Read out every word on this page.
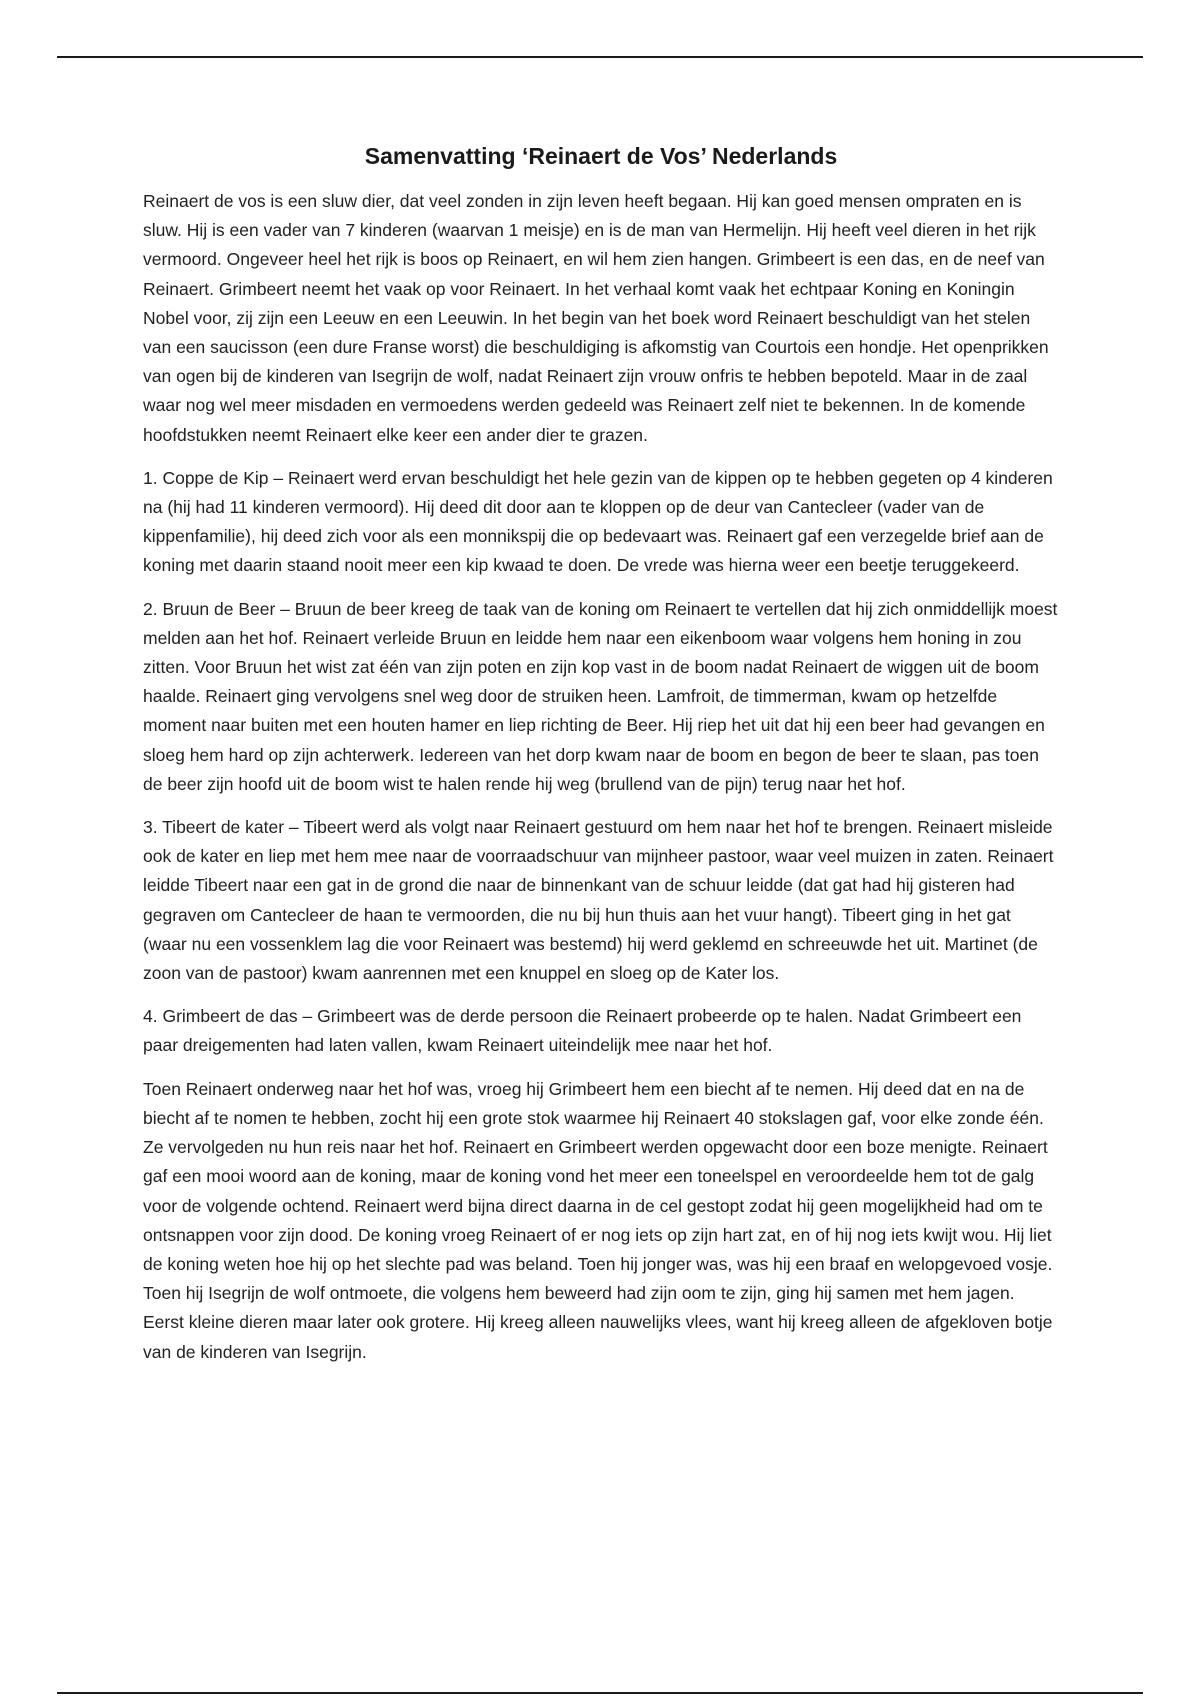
Samenvatting ‘Reinaert de Vos’ Nederlands

Reinaert de vos is een sluw dier, dat veel zonden in zijn leven heeft begaan. Hij kan goed mensen ompraten en is sluw. Hij is een vader van 7 kinderen (waarvan 1 meisje) en is de man van Hermelijn. Hij heeft veel dieren in het rijk vermoord. Ongeveer heel het rijk is boos op Reinaert, en wil hem zien hangen. Grimbeert is een das, en de neef van Reinaert. Grimbeert neemt het vaak op voor Reinaert. In het verhaal komt vaak het echtpaar Koning en Koningin Nobel voor, zij zijn een Leeuw en een Leeuwin. In het begin van het boek word Reinaert beschuldigt van het stelen van een saucisson (een dure Franse worst) die beschuldiging is afkomstig van Courtois een hondje. Het openprikken van ogen bij de kinderen van Isegrijn de wolf, nadat Reinaert zijn vrouw onfris te hebben bepoteld. Maar in de zaal waar nog wel meer misdaden en vermoedens werden gedeeld was Reinaert zelf niet te bekennen. In de komende hoofdstukken neemt Reinaert elke keer een ander dier te grazen.

1. Coppe de Kip – Reinaert werd ervan beschuldigt het hele gezin van de kippen op te hebben gegeten op 4 kinderen na (hij had 11 kinderen vermoord). Hij deed dit door aan te kloppen op de deur van Cantecleer (vader van de kippenfamilie), hij deed zich voor als een monnikspij die op bedevaart was. Reinaert gaf een verzegelde brief aan de koning met daarin staand nooit meer een kip kwaad te doen. De vrede was hierna weer een beetje teruggekeerd.

2. Bruun de Beer – Bruun de beer kreeg de taak van de koning om Reinaert te vertellen dat hij zich onmiddellijk moest melden aan het hof. Reinaert verleide Bruun en leidde hem naar een eikenboom waar volgens hem honing in zou zitten. Voor Bruun het wist zat één van zijn poten en zijn kop vast in de boom nadat Reinaert de wiggen uit de boom haalde. Reinaert ging vervolgens snel weg door de struiken heen. Lamfroit, de timmerman, kwam op hetzelfde moment naar buiten met een houten hamer en liep richting de Beer. Hij riep het uit dat hij een beer had gevangen en sloeg hem hard op zijn achterwerk. Iedereen van het dorp kwam naar de boom en begon de beer te slaan, pas toen de beer zijn hoofd uit de boom wist te halen rende hij weg (brullend van de pijn) terug naar het hof.

3. Tibeert de kater – Tibeert werd als volgt naar Reinaert gestuurd om hem naar het hof te brengen. Reinaert misleide ook de kater en liep met hem mee naar de voorraadschuur van mijnheer pastoor, waar veel muizen in zaten. Reinaert leidde Tibeert naar een gat in de grond die naar de binnenkant van de schuur leidde (dat gat had hij gisteren had gegraven om Cantecleer de haan te vermoorden, die nu bij hun thuis aan het vuur hangt). Tibeert ging in het gat (waar nu een vossenklem lag die voor Reinaert was bestemd) hij werd geklemd en schreeuwde het uit. Martinet (de zoon van de pastoor) kwam aanrennen met een knuppel en sloeg op de Kater los.

4. Grimbeert de das – Grimbeert was de derde persoon die Reinaert probeerde op te halen. Nadat Grimbeert een paar dreigementen had laten vallen, kwam Reinaert uiteindelijk mee naar het hof.

Toen Reinaert onderweg naar het hof was, vroeg hij Grimbeert hem een biecht af te nemen. Hij deed dat en na de biecht af te nomen te hebben, zocht hij een grote stok waarmee hij Reinaert 40 stokslagen gaf, voor elke zonde één. Ze vervolgeden nu hun reis naar het hof. Reinaert en Grimbeert werden opgewacht door een boze menigte. Reinaert gaf een mooi woord aan de koning, maar de koning vond het meer een toneelspel en veroordeelde hem tot de galg voor de volgende ochtend. Reinaert werd bijna direct daarna in de cel gestopt zodat hij geen mogelijkheid had om te ontsnappen voor zijn dood. De koning vroeg Reinaert of er nog iets op zijn hart zat, en of hij nog iets kwijt wou. Hij liet de koning weten hoe hij op het slechte pad was beland. Toen hij jonger was, was hij een braaf en welopgevoed vosje. Toen hij Isegrijn de wolf ontmoete, die volgens hem beweerd had zijn oom te zijn, ging hij samen met hem jagen. Eerst kleine dieren maar later ook grotere. Hij kreeg alleen nauwelijks vlees, want hij kreeg alleen de afgekloven botje van de kinderen van Isegrijn.
